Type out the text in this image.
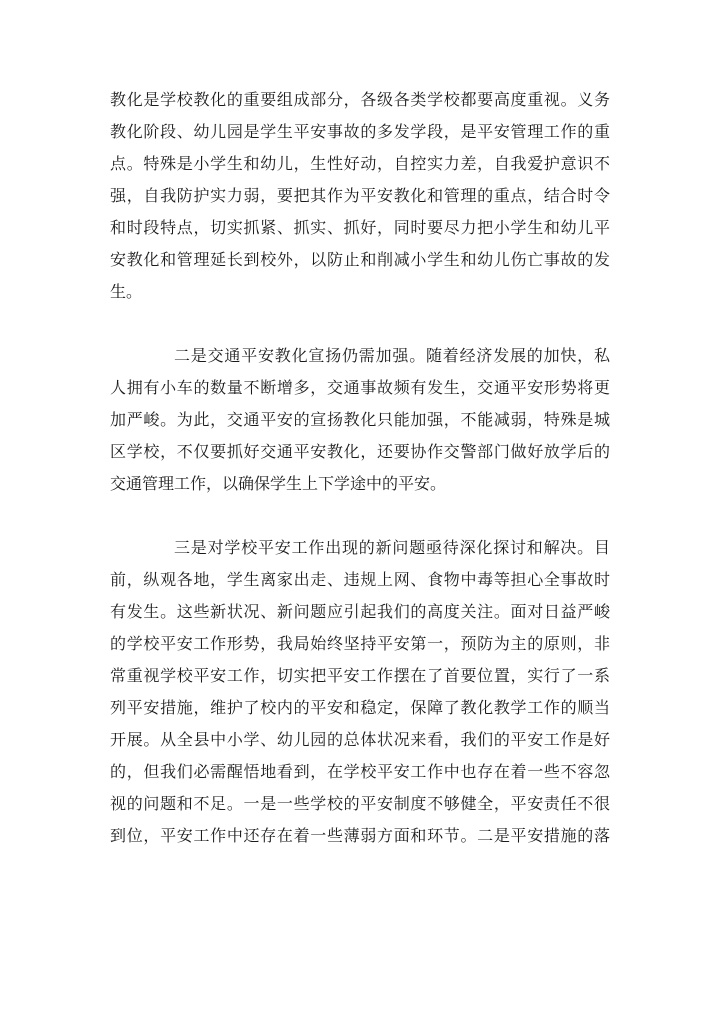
教化是学校教化的重要组成部分，各级各类学校都要高度重视。义务
教化阶段、幼儿园是学生平安事故的多发学段，是平安管理工作的重
点。特殊是小学生和幼儿，生性好动，自控实力差，自我爱护意识不
强，自我防护实力弱，要把其作为平安教化和管理的重点，结合时令
和时段特点，切实抓紧、抓实、抓好，同时要尽力把小学生和幼儿平
安教化和管理延长到校外，以防止和削减小学生和幼儿伤亡事故的发
生。
二是交通平安教化宣扬仍需加强。随着经济发展的加快，私
人拥有小车的数量不断增多，交通事故频有发生，交通平安形势将更
加严峻。为此，交通平安的宣扬教化只能加强，不能减弱，特殊是城
区学校，不仅要抓好交通平安教化，还要协作交警部门做好放学后的
交通管理工作，以确保学生上下学途中的平安。
三是对学校平安工作出现的新问题亟待深化探讨和解决。目
前，纵观各地，学生离家出走、违规上网、食物中毒等担心全事故时
有发生。这些新状况、新问题应引起我们的高度关注。面对日益严峻
的学校平安工作形势，我局始终坚持平安第一，预防为主的原则，非
常重视学校平安工作，切实把平安工作摆在了首要位置，实行了一系
列平安措施，维护了校内的平安和稳定，保障了教化教学工作的顺当
开展。从全县中小学、幼儿园的总体状况来看，我们的平安工作是好
的，但我们必需醒悟地看到，在学校平安工作中也存在着一些不容忽
视的问题和不足。一是一些学校的平安制度不够健全，平安责任不很
到位，平安工作中还存在着一些薄弱方面和环节。二是平安措施的落
